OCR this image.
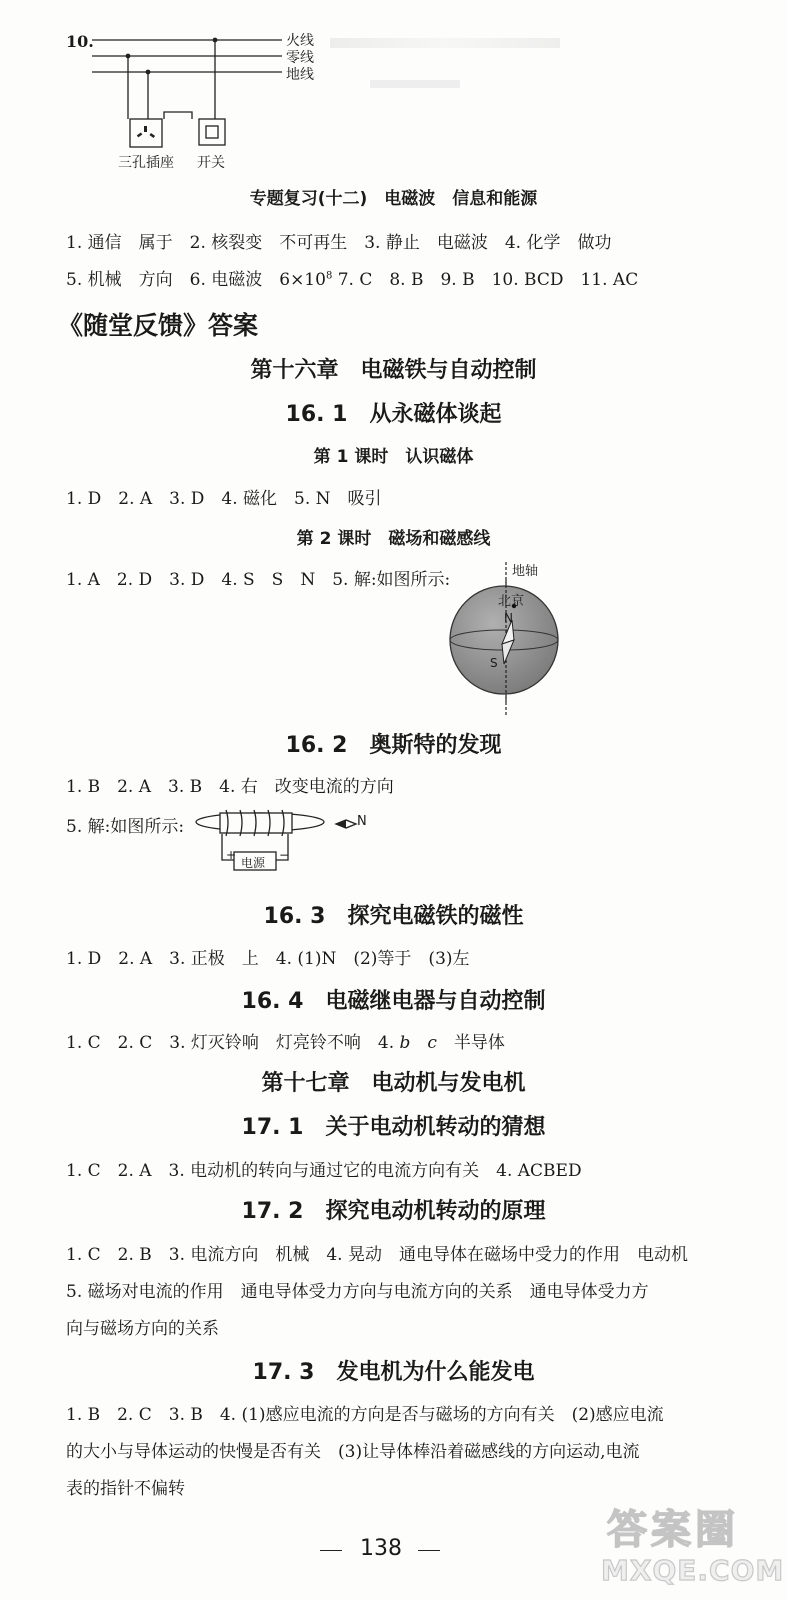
10.	火线
零线
地线
三孔插座 开关
专题复习(十二)　电磁波　信息和能源
1. 通信　属于　2. 核裂变　不可再生　3. 静止　电磁波　4. 化学　做功
5. 机械　方向　6. 电磁波　$6\times 10^8$ 7. C　8. B　9. B　10. BCD　11. AC
《随堂反馈》答案
第十六章　电磁铁与自动控制
16. 1　从永磁体谈起
第 1 课时　认识磁体
1. D　2. A　3. D　4. 磁化　5. N　吸引
第 2 课时　磁场和磁感线
1. A　2. D　3. D　4. S　S　N　5. 解:如图所示:	地轴
北京
N
S
16. 2　奥斯特的发现
1. B　2. A　3. B　4. 右　改变电流的方向
5. 解:如图所示:	N
+	−
电源
16. 3　探究电磁铁的磁性
1. D　2. A　3. 正极　上　4. (1)N　(2)等于　(3)左
16. 4　电磁继电器与自动控制
1. C　2. C　3. 灯灭铃响　灯亮铃不响　4. b　 c　半导体
第十七章　电动机与发电机
17. 1　关于电动机转动的猜想
1. C　2. A　3. 电动机的转向与通过它的电流方向有关　4. ACBED
17. 2　探究电动机转动的原理
1. C　2. B　3. 电流方向　机械　4. 晃动　通电导体在磁场中受力的作用　电动机
5. 磁场对电流的作用　通电导体受力方向与电流方向的关系　通电导体受力方
向与磁场方向的关系
17. 3　发电机为什么能发电
1. B　2. C　3. B　4. (1)感应电流的方向是否与磁场的方向有关　(2)感应电流
的大小与导体运动的快慢是否有关　(3)让导体棒沿着磁感线的方向运动,电流
表的指针不偏转
138	答案圈
MXQE.COM
